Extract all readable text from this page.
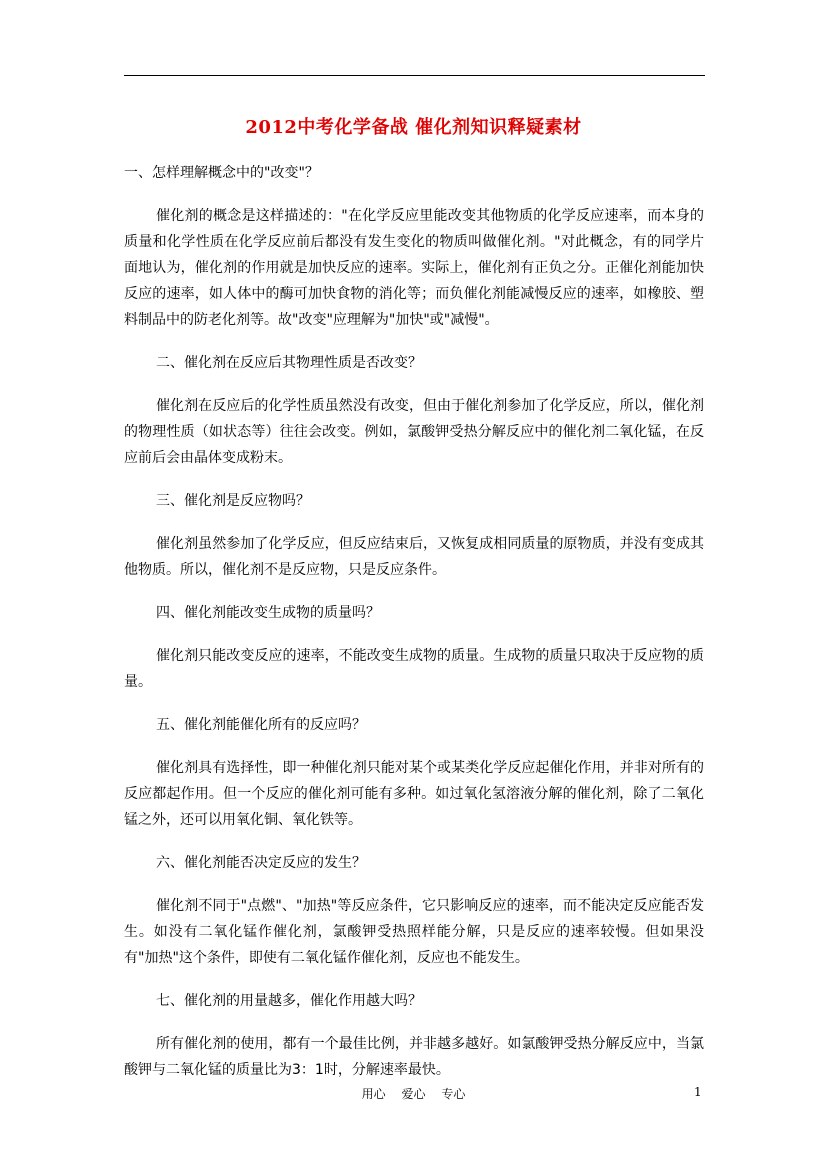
2012中考化学备战 催化剂知识释疑素材

一、怎样理解概念中的"改变"？

催化剂的概念是这样描述的："在化学反应里能改变其他物质的化学反应速率，而本身的质量和化学性质在化学反应前后都没有发生变化的物质叫做催化剂。"对此概念，有的同学片面地认为，催化剂的作用就是加快反应的速率。实际上，催化剂有正负之分。正催化剂能加快反应的速率，如人体中的酶可加快食物的消化等；而负催化剂能减慢反应的速率，如橡胶、塑料制品中的防老化剂等。故"改变"应理解为"加快"或"减慢"。

二、催化剂在反应后其物理性质是否改变？

催化剂在反应后的化学性质虽然没有改变，但由于催化剂参加了化学反应，所以，催化剂的物理性质（如状态等）往往会改变。例如，氯酸钾受热分解反应中的催化剂二氧化锰，在反应前后会由晶体变成粉末。

三、催化剂是反应物吗？

催化剂虽然参加了化学反应，但反应结束后，又恢复成相同质量的原物质，并没有变成其他物质。所以，催化剂不是反应物，只是反应条件。

四、催化剂能改变生成物的质量吗？

催化剂只能改变反应的速率，不能改变生成物的质量。生成物的质量只取决于反应物的质量。

五、催化剂能催化所有的反应吗？

催化剂具有选择性，即一种催化剂只能对某个或某类化学反应起催化作用，并非对所有的反应都起作用。但一个反应的催化剂可能有多种。如过氧化氢溶液分解的催化剂，除了二氧化锰之外，还可以用氧化铜、氧化铁等。

六、催化剂能否决定反应的发生？

催化剂不同于"点燃"、"加热"等反应条件，它只影响反应的速率，而不能决定反应能否发生。如没有二氧化锰作催化剂，氯酸钾受热照样能分解，只是反应的速率较慢。但如果没有"加热"这个条件，即使有二氧化锰作催化剂，反应也不能发生。

七、催化剂的用量越多，催化作用越大吗？

所有催化剂的使用，都有一个最佳比例，并非越多越好。如氯酸钾受热分解反应中，当氯酸钾与二氧化锰的质量比为3：1时，分解速率最快。

用心 爱心 专心	1
